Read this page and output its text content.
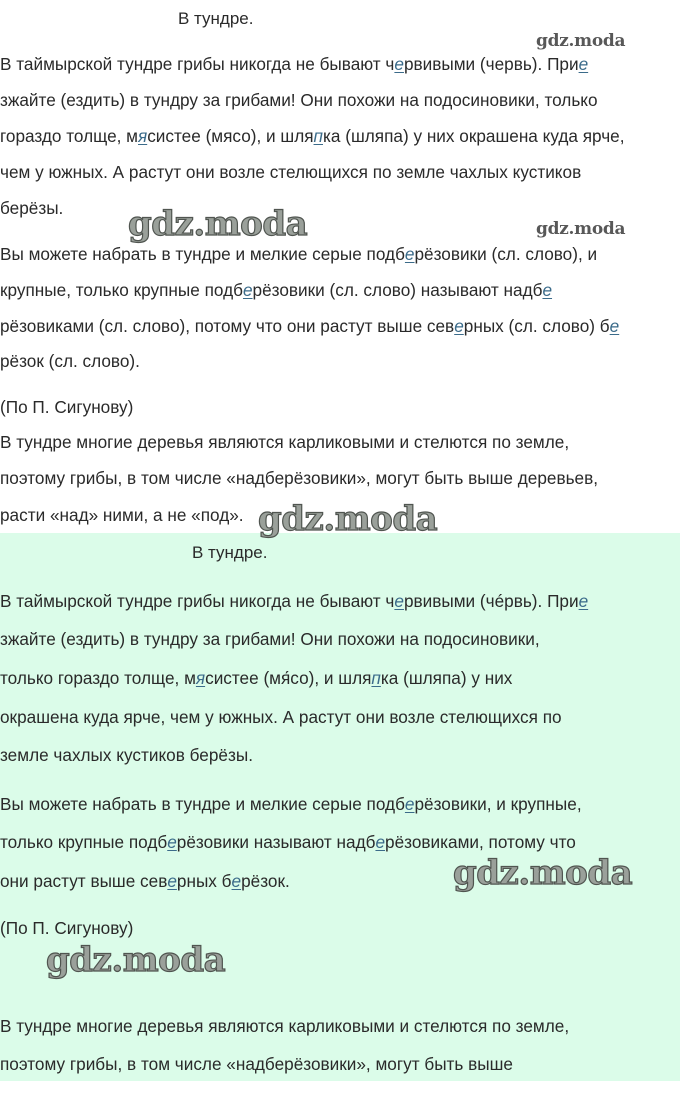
В тундре.

В таймырской тундре грибы никогда не бывают червивыми (червь). Прие

зжайте (ездить) в тундру за грибами! Они похожи на подосиновики, только

гораздо толще, мясистее (мясо), и шляпка (шляпа) у них окрашена куда ярче,

чем у южных. А растут они возле стелющихся по земле чахлых кустиков

берёзы.

Вы можете набрать в тундре и мелкие серые подберёзовики (сл. слово), и

крупные, только крупные подберёзовики (сл. слово) называют надбе

рёзовиками (сл. слово), потому что они растут выше северных (сл. слово) бе

рёзок (сл. слово).

(По П. Сигунову)

В тундре многие деревья являются карликовыми и стелются по земле,

поэтому грибы, в том числе «надберёзовики», могут быть выше деревьев,

расти «над» ними, а не «под».

В тундре.

В таймырской тундре грибы никогда не бывают червивыми (чéрвь). Прие

зжайте (ездить) в тундру за грибами! Они похожи на подосиновики,

только гораздо толще, мясистее (мя́со), и шляпка (шляпа) у них

окрашена куда ярче, чем у южных. А растут они возле стелющихся по

земле чахлых кустиков берёзы.

Вы можете набрать в тундре и мелкие серые подберёзовики, и крупные,

только крупные подберёзовики называют надберёзовиками, потому что

они растут выше северных берёзок.

(По П. Сигунову)

В тундре многие деревья являются карликовыми и стелются по земле,

поэтому грибы, в том числе «надберёзовики», могут быть выше

gdz.moda

gdz.moda

gdz.moda

gdz.moda

gdz.moda

gdz.moda
